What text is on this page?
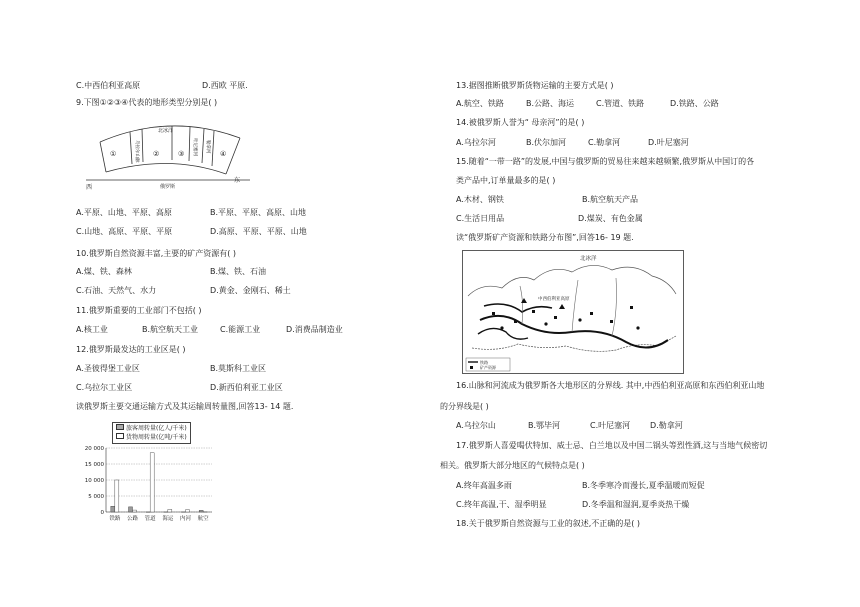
C.中西伯利亚高原	D.西欧 平原.
9.下图①②③④代表的地形类型分别是( )
北冰洋
①	②	③	④
乌拉尔山脉	叶尼塞河	勒拿河
西
东
俄罗斯
A.平原、山地、平原、高原	B.平原、平原、高原、山地
C.山地、高原、平原、平原	D.高原、平原、平原、山地
10.俄罗斯自然资源丰富,主要的矿产资源有( )
A.煤、铁、森林	B.煤、铁、石油
C.石油、天然气、水力	D.黄金、金刚石、稀土
11.俄罗斯重要的工业部门不包括( )
A.核工业	B.航空航天工业	C.能源工业	D.消费品制造业
12.俄罗斯最发达的工业区是( )
A.圣彼得堡工业区	B.莫斯科工业区
C.乌拉尔工业区	D.新西伯利亚工业区
读俄罗斯主要交通运输方式及其运输周转量图,回答13- 14 题.
旅客周转量(亿人/千米)
货物周转量(亿吨/千米)
20 000
15 000
10 000
5 000
0
铁路 公路 管道 海运 内河 航空
13.据图推断俄罗斯货物运输的主要方式是( )
A.航空、铁路	B.公路、海运	C.管道、铁路	D.铁路、公路
14.被俄罗斯人誉为“ 母亲河”的是( )
A.乌拉尔河	B.伏尔加河	C.勒拿河	D.叶尼塞河
15.随着“一带一路”的发展,中国与俄罗斯的贸易往来越来越频繁,俄罗斯从中国订的各
类产品中,订单量最多的是( )
A.木材、钢铁	B.航空航天产品
C.生活日用品	D.煤炭、有色金属
读“俄罗斯矿产资源和铁路分布图”,回答16- 19 题.
北冰洋
中西伯利亚高原
铁路
矿产资源
16.山脉和河流成为俄罗斯各大地形区的分界线. 其中,中西伯利亚高原和东西伯利亚山地
的分界线是( )
A.乌拉尔山	B.鄂毕河	C.叶尼塞河 D.勒拿河
17.俄罗斯人喜爱喝伏特加、威士忌、白兰地以及中国二锅头等烈性酒,这与当地气候密切
相关。俄罗斯大部分地区的气候特点是( )
A.终年高温多雨	B.冬季寒冷而漫长,夏季温暖而短促
C.终年高温,干、湿季明显	D.冬季温和湿润,夏季炎热干燥
18.关于俄罗斯自然资源与工业的叙述,不正确的是( )
